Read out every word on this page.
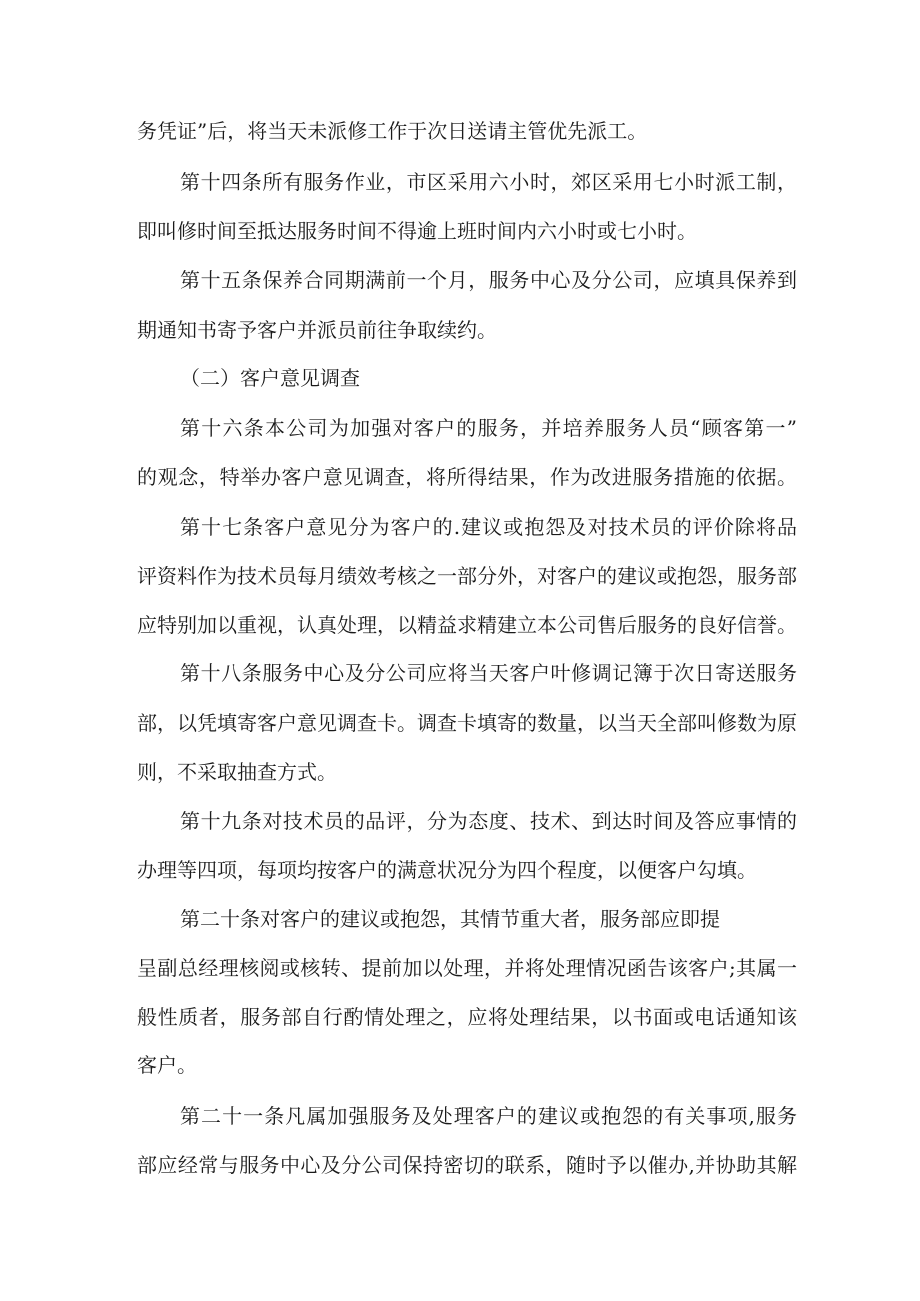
务凭证”后，将当天未派修工作于次日送请主管优先派工。
第十四条所有服务作业，市区采用六小时，郊区采用七小时派工制，
即叫修时间至抵达服务时间不得逾上班时间内六小时或七小时。
第十五条保养合同期满前一个月，服务中心及分公司，应填具保养到
期通知书寄予客户并派员前往争取续约。
（二）客户意见调查
第十六条本公司为加强对客户的服务，并培养服务人员“顾客第一”
的观念，特举办客户意见调查，将所得结果，作为改进服务措施的依据。
第十七条客户意见分为客户的.建议或抱怨及对技术员的评价除将品
评资料作为技术员每月绩效考核之一部分外，对客户的建议或抱怨，服务部
应特别加以重视，认真处理，以精益求精建立本公司售后服务的良好信誉。
第十八条服务中心及分公司应将当天客户叶修调记簿于次日寄送服务
部，以凭填寄客户意见调查卡。调查卡填寄的数量，以当天全部叫修数为原
则，不采取抽查方式。
第十九条对技术员的品评，分为态度、技术、到达时间及答应事情的
办理等四项，每项均按客户的满意状况分为四个程度，以便客户勾填。
第二十条对客户的建议或抱怨，其情节重大者，服务部应即提
呈副总经理核阅或核转、提前加以处理，并将处理情况函告该客户;其属一
般性质者，服务部自行酌情处理之，应将处理结果，以书面或电话通知该
客户。
第二十一条凡属加强服务及处理客户的建议或抱怨的有关事项,服务
部应经常与服务中心及分公司保持密切的联系，随时予以催办,并协助其解
